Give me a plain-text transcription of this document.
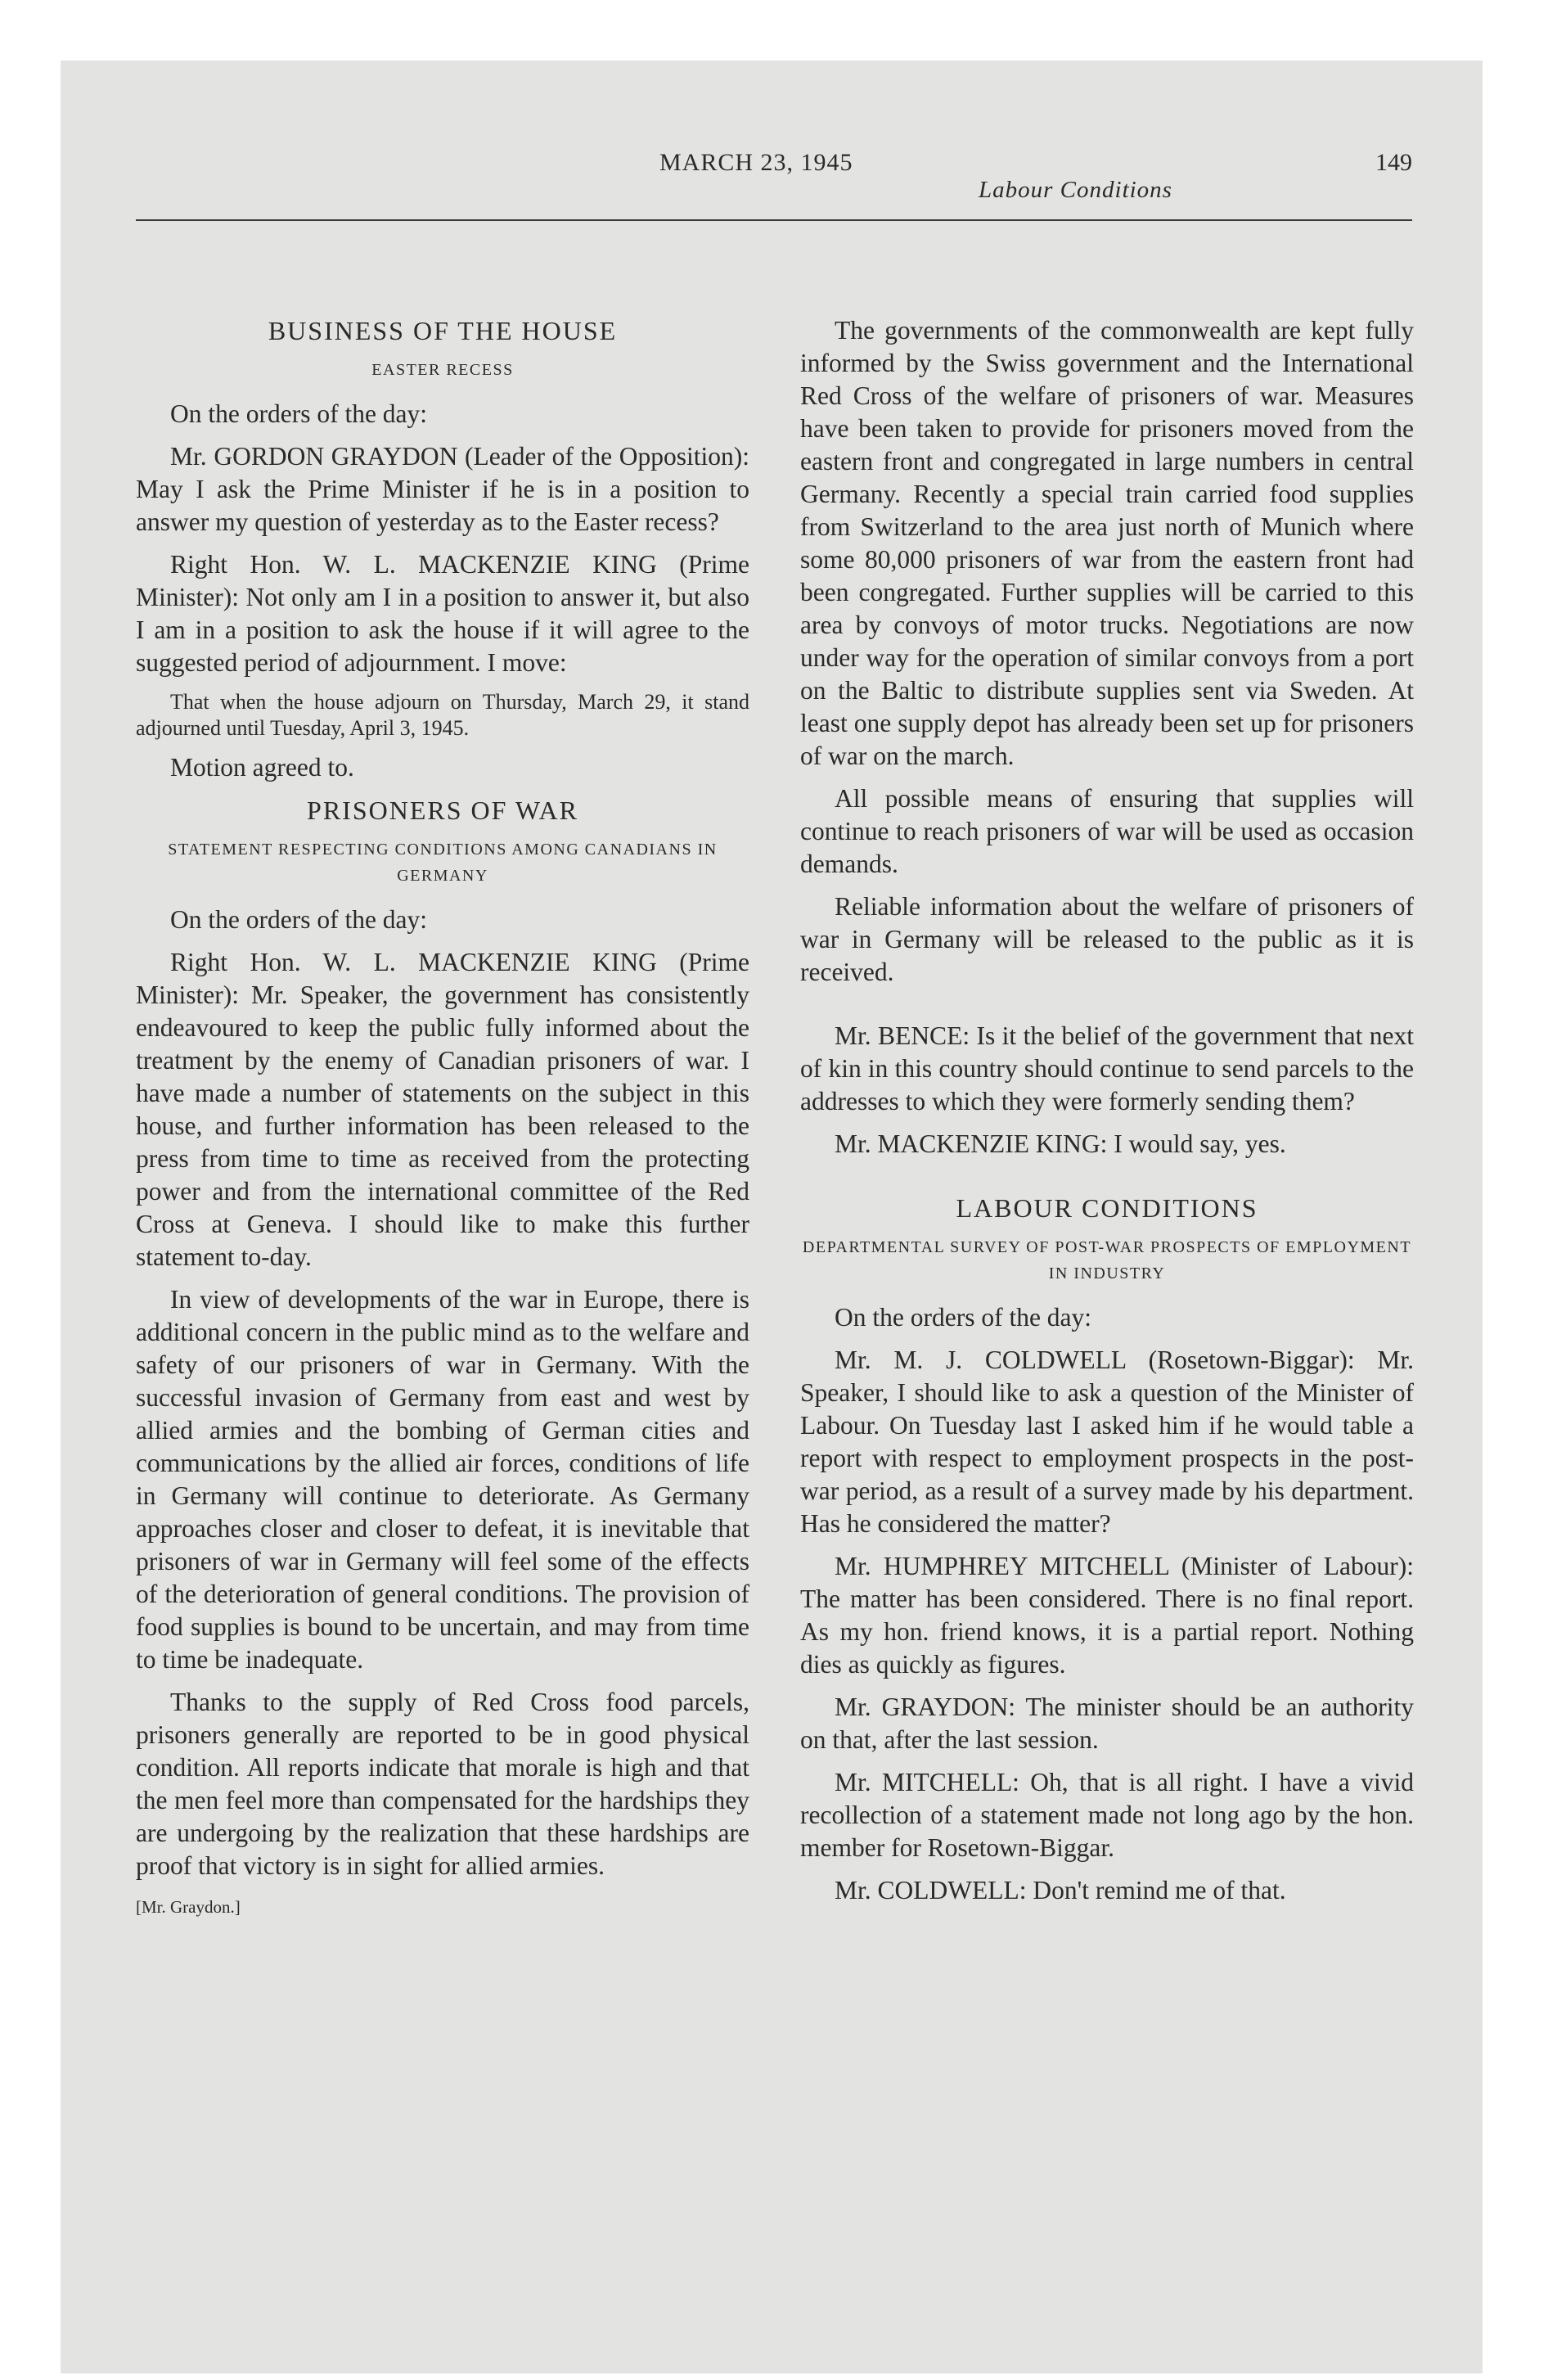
MARCH 23, 1945
Labour Conditions
149
BUSINESS OF THE HOUSE
EASTER RECESS

On the orders of the day:

Mr. GORDON GRAYDON (Leader of the Opposition): May I ask the Prime Minister if he is in a position to answer my question of yesterday as to the Easter recess?

Right Hon. W. L. MACKENZIE KING (Prime Minister): Not only am I in a position to answer it, but also I am in a position to ask the house if it will agree to the suggested period of adjournment. I move:

That when the house adjourn on Thursday, March 29, it stand adjourned until Tuesday, April 3, 1945.

Motion agreed to.

PRISONERS OF WAR
STATEMENT RESPECTING CONDITIONS AMONG CANADIANS IN GERMANY

On the orders of the day:

Right Hon. W. L. MACKENZIE KING (Prime Minister): Mr. Speaker, the government has consistently endeavoured to keep the public fully informed about the treatment by the enemy of Canadian prisoners of war. I have made a number of statements on the subject in this house, and further information has been released to the press from time to time as received from the protecting power and from the international committee of the Red Cross at Geneva. I should like to make this further statement to-day.

In view of developments of the war in Europe, there is additional concern in the public mind as to the welfare and safety of our prisoners of war in Germany. With the successful invasion of Germany from east and west by allied armies and the bombing of German cities and communications by the allied air forces, conditions of life in Germany will continue to deteriorate. As Germany approaches closer and closer to defeat, it is inevitable that prisoners of war in Germany will feel some of the effects of the deterioration of general conditions. The provision of food supplies is bound to be uncertain, and may from time to time be inadequate.

Thanks to the supply of Red Cross food parcels, prisoners generally are reported to be in good physical condition. All reports indicate that morale is high and that the men feel more than compensated for the hardships they are undergoing by the realization that these hardships are proof that victory is in sight for allied armies.

[Mr. Graydon.]

The governments of the commonwealth are kept fully informed by the Swiss government and the International Red Cross of the welfare of prisoners of war. Measures have been taken to provide for prisoners moved from the eastern front and congregated in large numbers in central Germany. Recently a special train carried food supplies from Switzerland to the area just north of Munich where some 80,000 prisoners of war from the eastern front had been congregated. Further supplies will be carried to this area by convoys of motor trucks. Negotiations are now under way for the operation of similar convoys from a port on the Baltic to distribute supplies sent via Sweden. At least one supply depot has already been set up for prisoners of war on the march.

All possible means of ensuring that supplies will continue to reach prisoners of war will be used as occasion demands.

Reliable information about the welfare of prisoners of war in Germany will be released to the public as it is received.

Mr. BENCE: Is it the belief of the government that next of kin in this country should continue to send parcels to the addresses to which they were formerly sending them?

Mr. MACKENZIE KING: I would say, yes.

LABOUR CONDITIONS
DEPARTMENTAL SURVEY OF POST-WAR PROSPECTS OF EMPLOYMENT IN INDUSTRY

On the orders of the day:

Mr. M. J. COLDWELL (Rosetown-Biggar): Mr. Speaker, I should like to ask a question of the Minister of Labour. On Tuesday last I asked him if he would table a report with respect to employment prospects in the post-war period, as a result of a survey made by his department. Has he considered the matter?

Mr. HUMPHREY MITCHELL (Minister of Labour): The matter has been considered. There is no final report. As my hon. friend knows, it is a partial report. Nothing dies as quickly as figures.

Mr. GRAYDON: The minister should be an authority on that, after the last session.

Mr. MITCHELL: Oh, that is all right. I have a vivid recollection of a statement made not long ago by the hon. member for Rosetown-Biggar.

Mr. COLDWELL: Don't remind me of that.
